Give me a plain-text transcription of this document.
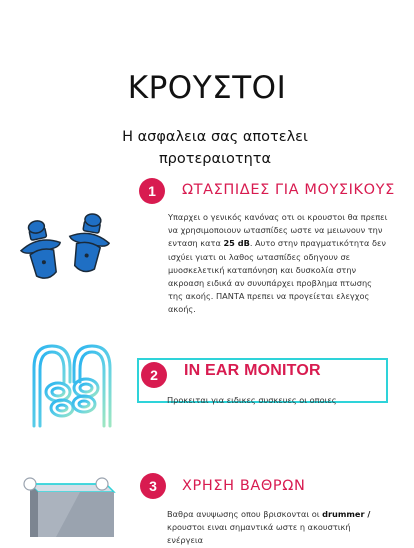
ΚΡΟΥΣΤΟΙ
Η ασφαλεια σας αποτελει προτεραιοτητα
1	ΩΤΑΣΠΙΔΕΣ ΓΙΑ ΜΟΥΣΙΚΟΥΣ
Υπαρχει ο γενικός κανόνας οτι οι κρουστοι θα πρεπει
να χρησιμοποιουν ωτασπίδες ωστε να μειωνουν την
ενταση κατα 25 dB. Αυτο στην πραγματικότητα δεν
ισχύει γιατι οι λαθος ωτασπίδες οδηγουν σε
μυοσκελετική καταπόνηση και δυσκολία στην
ακροαση ειδικά αν συνυπάρχει προβλημα πτωσης
της ακοής. ΠΑΝΤΑ πρεπει να προγείεται ελεγχος
ακοής.
2	IN EAR MONITOR
Προκειται για ειδικες συσκευες οι οποιες
3	ΧΡΗΣΗ ΒΑΘΡΩΝ
Βαθρα ανυψωσης οπου βρισκονται οι drummer /
κρουστοι ειναι σημαντικά ωστε η ακουστική ενέργεια
